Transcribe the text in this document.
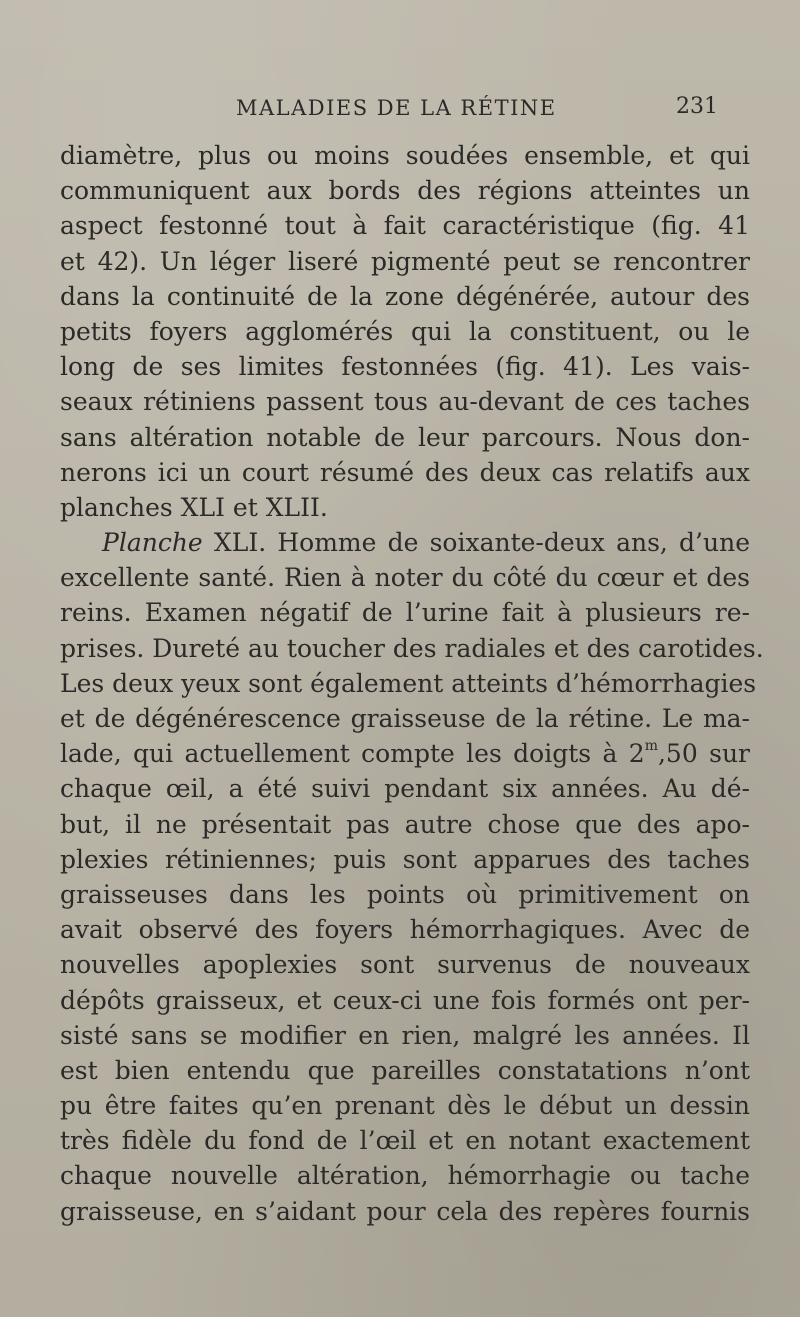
MALADIES DE LA RÉTINE	231
diamètre, plus ou moins soudées ensemble, et qui
communiquent aux bords des régions atteintes un
aspect festonné tout à fait caractéristique (fig. 41
et 42). Un léger liseré pigmenté peut se rencontrer
dans la continuité de la zone dégénérée, autour des
petits foyers agglomérés qui la constituent, ou le
long de ses limites festonnées (fig. 41). Les vais-
seaux rétiniens passent tous au-devant de ces taches
sans altération notable de leur parcours. Nous don-
nerons ici un court résumé des deux cas relatifs aux
planches XLI et XLII.
Planche XLI. Homme de soixante-deux ans, d’une
excellente santé. Rien à noter du côté du cœur et des
reins. Examen négatif de l’urine fait à plusieurs re-
prises. Dureté au toucher des radiales et des carotides.
Les deux yeux sont également atteints d’hémorrhagies
et de dégénérescence graisseuse de la rétine. Le ma-
lade, qui actuellement compte les doigts à 2$^m$,50 sur
chaque œil, a été suivi pendant six années. Au dé-
but, il ne présentait pas autre chose que des apo-
plexies rétiniennes; puis sont apparues des taches
graisseuses dans les points où primitivement on
avait observé des foyers hémorrhagiques. Avec de
nouvelles apoplexies sont survenus de nouveaux
dépôts graisseux, et ceux-ci une fois formés ont per-
sisté sans se modifier en rien, malgré les années. Il
est bien entendu que pareilles constatations n’ont
pu être faites qu’en prenant dès le début un dessin
très fidèle du fond de l’œil et en notant exactement
chaque nouvelle altération, hémorrhagie ou tache
graisseuse, en s’aidant pour cela des repères fournis
